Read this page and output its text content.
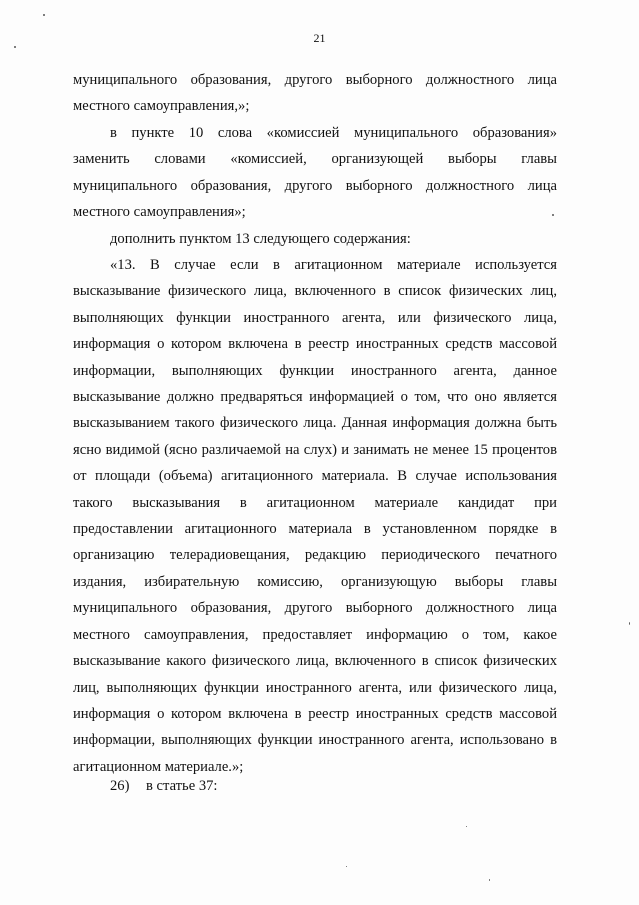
21
муниципального образования, другого выборного должностного лица местного самоуправления,»;
в пункте 10 слова «комиссией муниципального образования»
заменить словами «комиссией, организующей выборы главы
муниципального образования, другого выборного должностного лица местного самоуправления»;
дополнить пунктом 13 следующего содержания:
«13. В случае если в агитационном материале используется высказывание физического лица, включенного в список физических лиц, выполняющих функции иностранного агента, или физического лица, информация о котором включена в реестр иностранных средств массовой информации, выполняющих функции иностранного агента, данное высказывание должно предваряться информацией о том, что оно является высказыванием такого физического лица. Данная информация должна быть ясно видимой (ясно различаемой на слух) и занимать не менее 15 процентов от площади (объема) агитационного материала. В случае использования такого высказывания в агитационном материале кандидат при предоставлении агитационного материала в установленном порядке в организацию телерадиовещания, редакцию периодического печатного издания, избирательную комиссию, организующую выборы главы муниципального образования, другого выборного должностного лица местного самоуправления, предоставляет информацию о том, какое высказывание какого физического лица, включенного в список физических лиц, выполняющих функции иностранного агента, или физического лица, информация о котором включена в реестр иностранных средств массовой информации, выполняющих функции иностранного агента, использовано в агитационном материале.»;
26) в статье 37:
